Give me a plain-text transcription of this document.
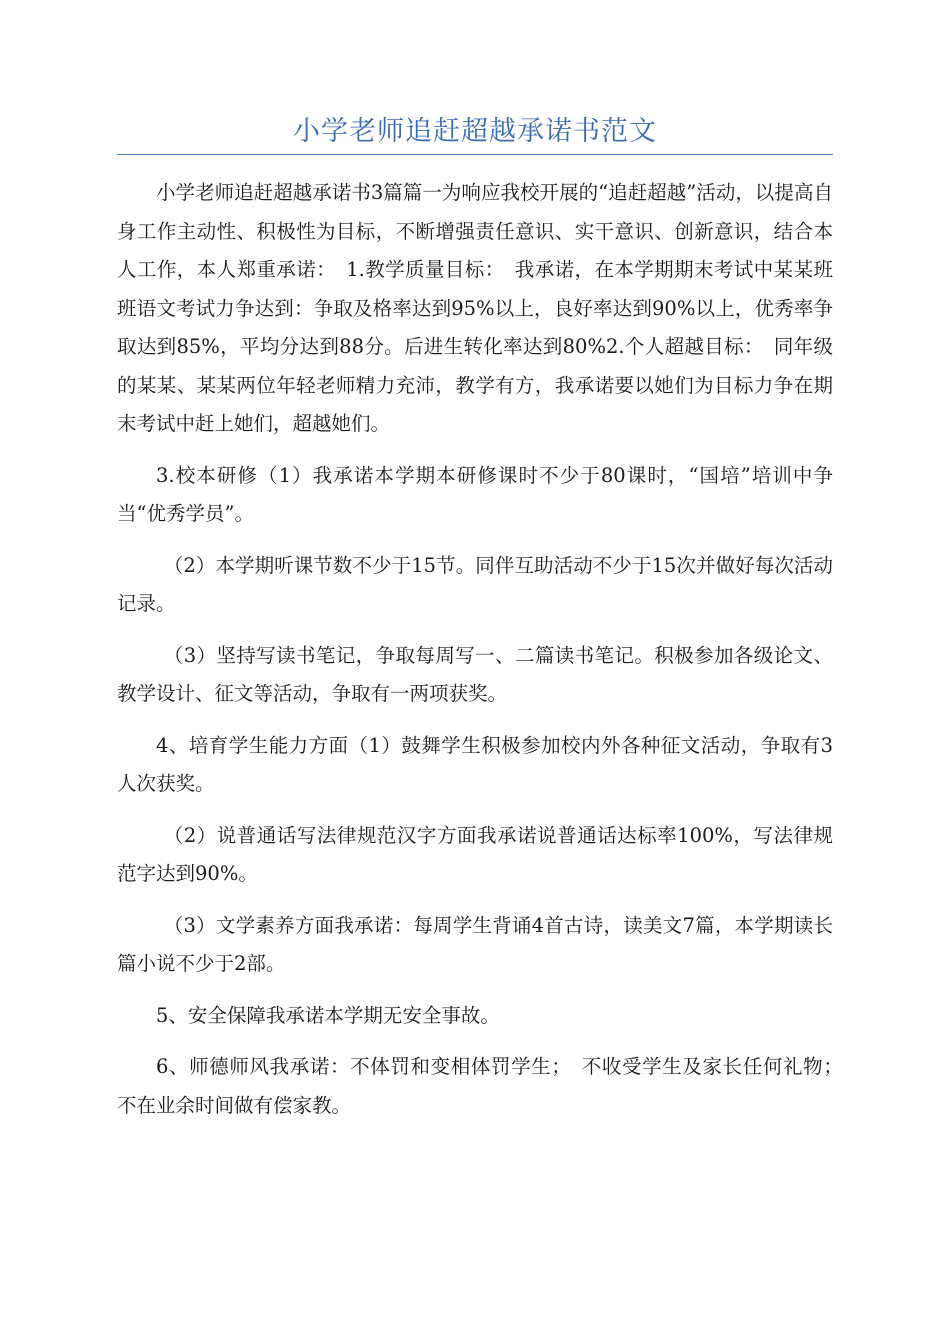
小学老师追赶超越承诺书范文

小学老师追赶超越承诺书3篇篇一为响应我校开展的“追赶超越”活动，以提高自身工作主动性、积极性为目标，不断增强责任意识、实干意识、创新意识，结合本人工作，本人郑重承诺：　1.教学质量目标：　我承诺，在本学期期末考试中某某班班语文考试力争达到：争取及格率达到95%以上，良好率达到90%以上，优秀率争取达到85%，平均分达到88分。后进生转化率达到80%2.个人超越目标：　同年级的某某、某某两位年轻老师精力充沛，教学有方，我承诺要以她们为目标力争在期末考试中赶上她们，超越她们。

3.校本研修（1）我承诺本学期本研修课时不少于80课时，“国培”培训中争当“优秀学员”。

（2）本学期听课节数不少于15节。同伴互助活动不少于15次并做好每次活动记录。

（3）坚持写读书笔记，争取每周写一、二篇读书笔记。积极参加各级论文、教学设计、征文等活动，争取有一两项获奖。

4、培育学生能力方面（1）鼓舞学生积极参加校内外各种征文活动，争取有3人次获奖。

（2）说普通话写法律规范汉字方面我承诺说普通话达标率100%，写法律规范字达到90%。

（3）文学素养方面我承诺：每周学生背诵4首古诗，读美文7篇，本学期读长篇小说不少于2部。

5、安全保障我承诺本学期无安全事故。

6、师德师风我承诺：不体罚和变相体罚学生；　不收受学生及家长任何礼物；　不在业余时间做有偿家教。
